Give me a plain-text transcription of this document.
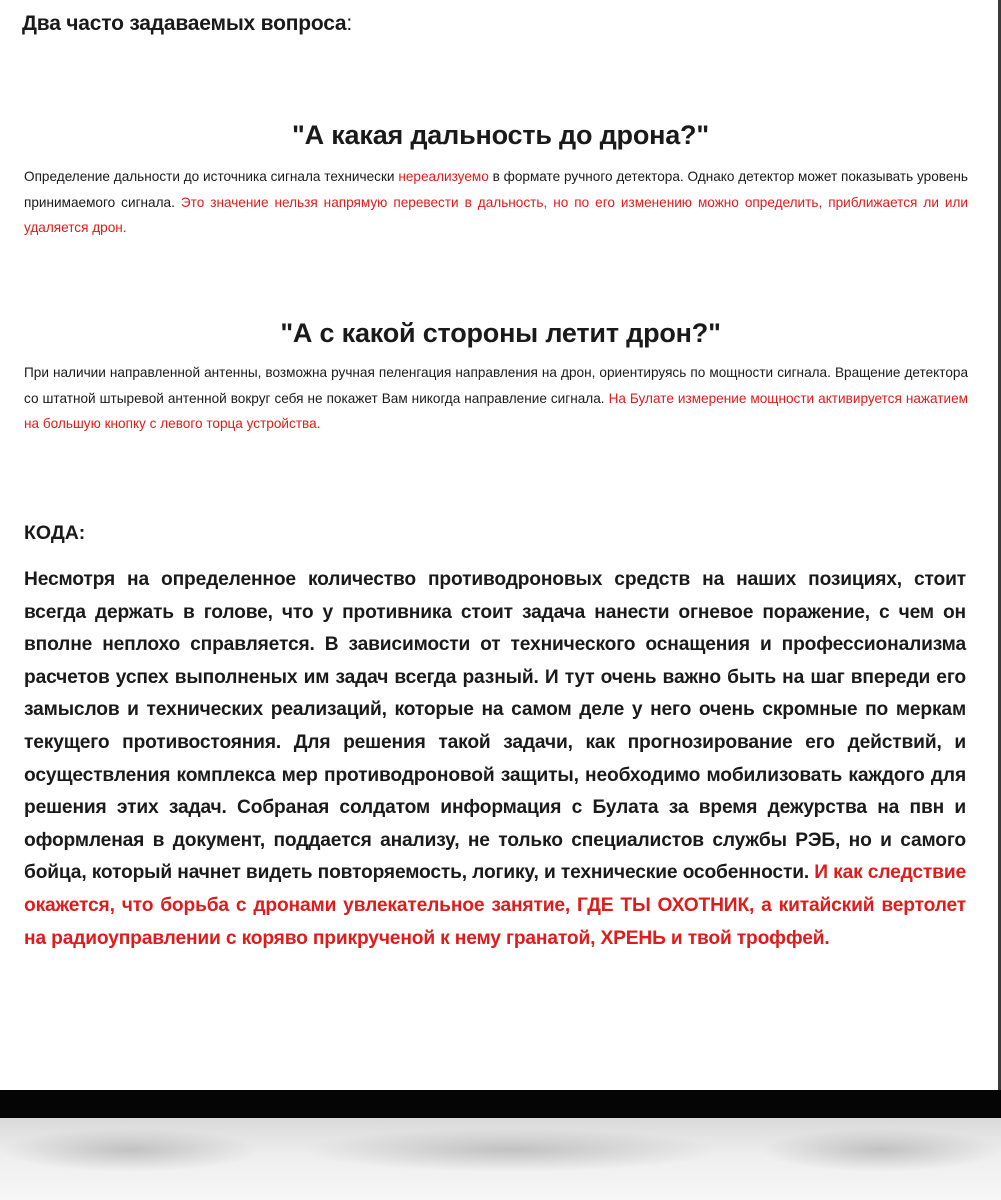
Два часто задаваемых вопроса:

"А какая дальность до дрона?"

Определение дальности до источника сигнала технически нереализуемо в формате ручного детектора. Однако детектор может показывать уровень принимаемого сигнала. Это значение нельзя напрямую перевести в дальность, но по его изменению можно определить, приближается ли или удаляется дрон.

"А с какой стороны летит дрон?"

При наличии направленной антенны, возможна ручная пеленгация направления на дрон, ориентируясь по мощности сигнала. Вращение детектора со штатной штыревой антенной вокруг себя не покажет Вам никогда направление сигнала. На Булате измерение мощности активируется нажатием на большую кнопку с левого торца устройства.

КОДА:

Несмотря на определенное количество противодроновых средств на наших позициях, стоит всегда держать в голове, что у противника стоит задача нанести огневое поражение, с чем он вполне неплохо справляется. В зависимости от технического оснащения и профессионализма расчетов успех выполненых им задач всегда разный. И тут очень важно быть на шаг впереди его замыслов и технических реализаций, которые на самом деле у него очень скромные по меркам текущего противостояния. Для решения такой задачи, как прогнозирование его действий, и осуществления комплекса мер противодроновой защиты, необходимо мобилизовать каждого для решения этих задач. Собраная солдатом информация с Булата за время дежурства на пвн и оформленая в документ, поддается анализу, не только специалистов службы РЭБ, но и самого бойца, который начнет видеть повторяемость, логику, и технические особенности. И как следствие окажется, что борьба с дронами увлекательное занятие, ГДЕ ТЫ ОХОТНИК, а китайский вертолет на радиоуправлении с коряво прикрученой к нему гранатой, ХРЕНЬ и твой троффей.
